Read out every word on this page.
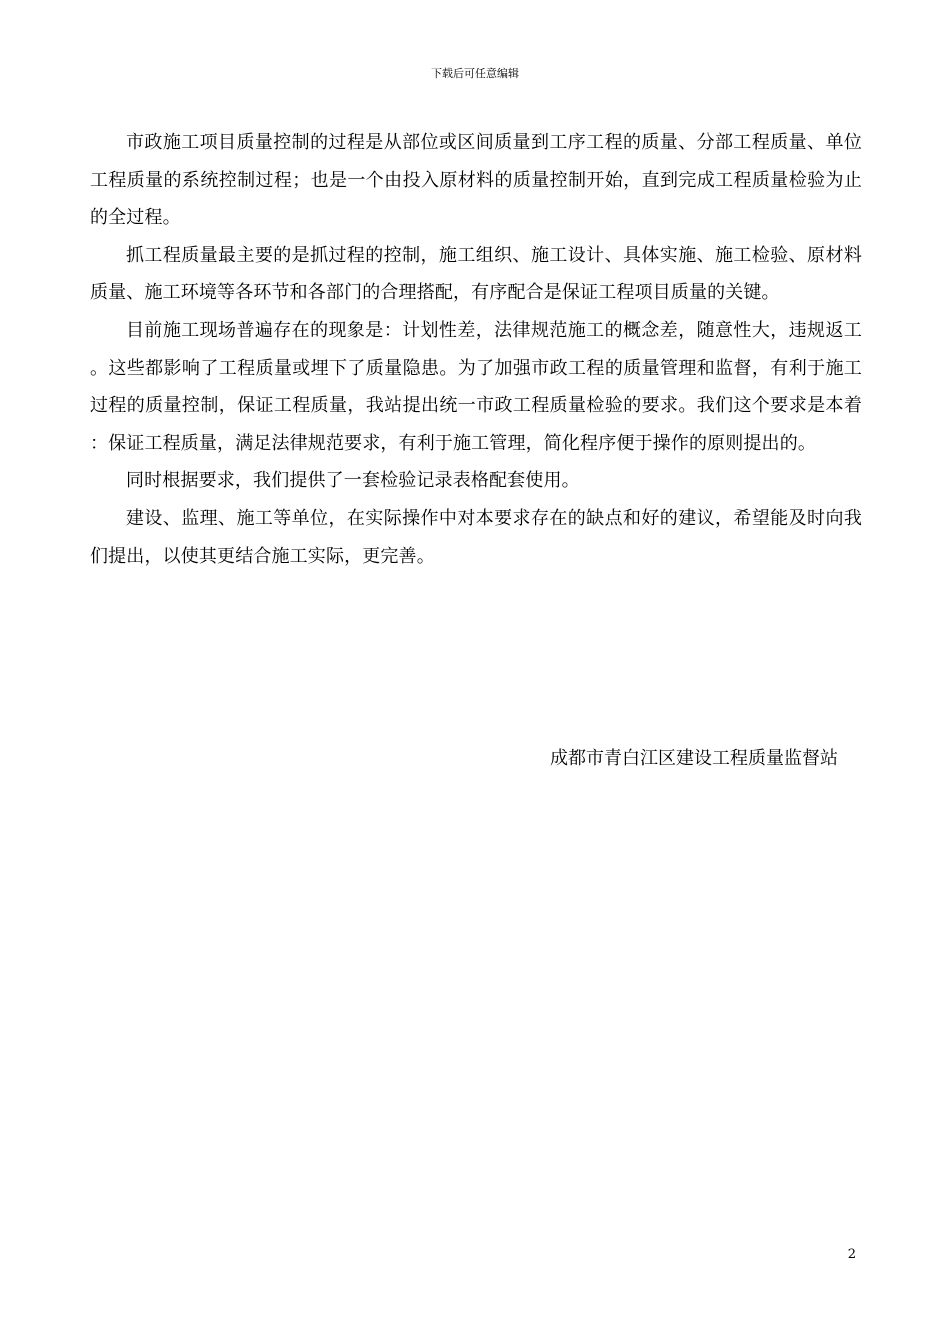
下载后可任意编辑

市政施工项目质量控制的过程是从部位或区间质量到工序工程的质量、分部工程质量、单位工程质量的系统控制过程；也是一个由投入原材料的质量控制开始，直到完成工程质量检验为止的全过程。

抓工程质量最主要的是抓过程的控制，施工组织、施工设计、具体实施、施工检验、原材料质量、施工环境等各环节和各部门的合理搭配，有序配合是保证工程项目质量的关键。

目前施工现场普遍存在的现象是：计划性差，法律规范施工的概念差，随意性大，违规返工。这些都影响了工程质量或埋下了质量隐患。为了加强市政工程的质量管理和监督，有利于施工过程的质量控制，保证工程质量，我站提出统一市政工程质量检验的要求。我们这个要求是本着：保证工程质量，满足法律规范要求，有利于施工管理，简化程序便于操作的原则提出的。

同时根据要求，我们提供了一套检验记录表格配套使用。

建设、监理、施工等单位，在实际操作中对本要求存在的缺点和好的建议，希望能及时向我们提出，以使其更结合施工实际，更完善。

成都市青白江区建设工程质量监督站
2
